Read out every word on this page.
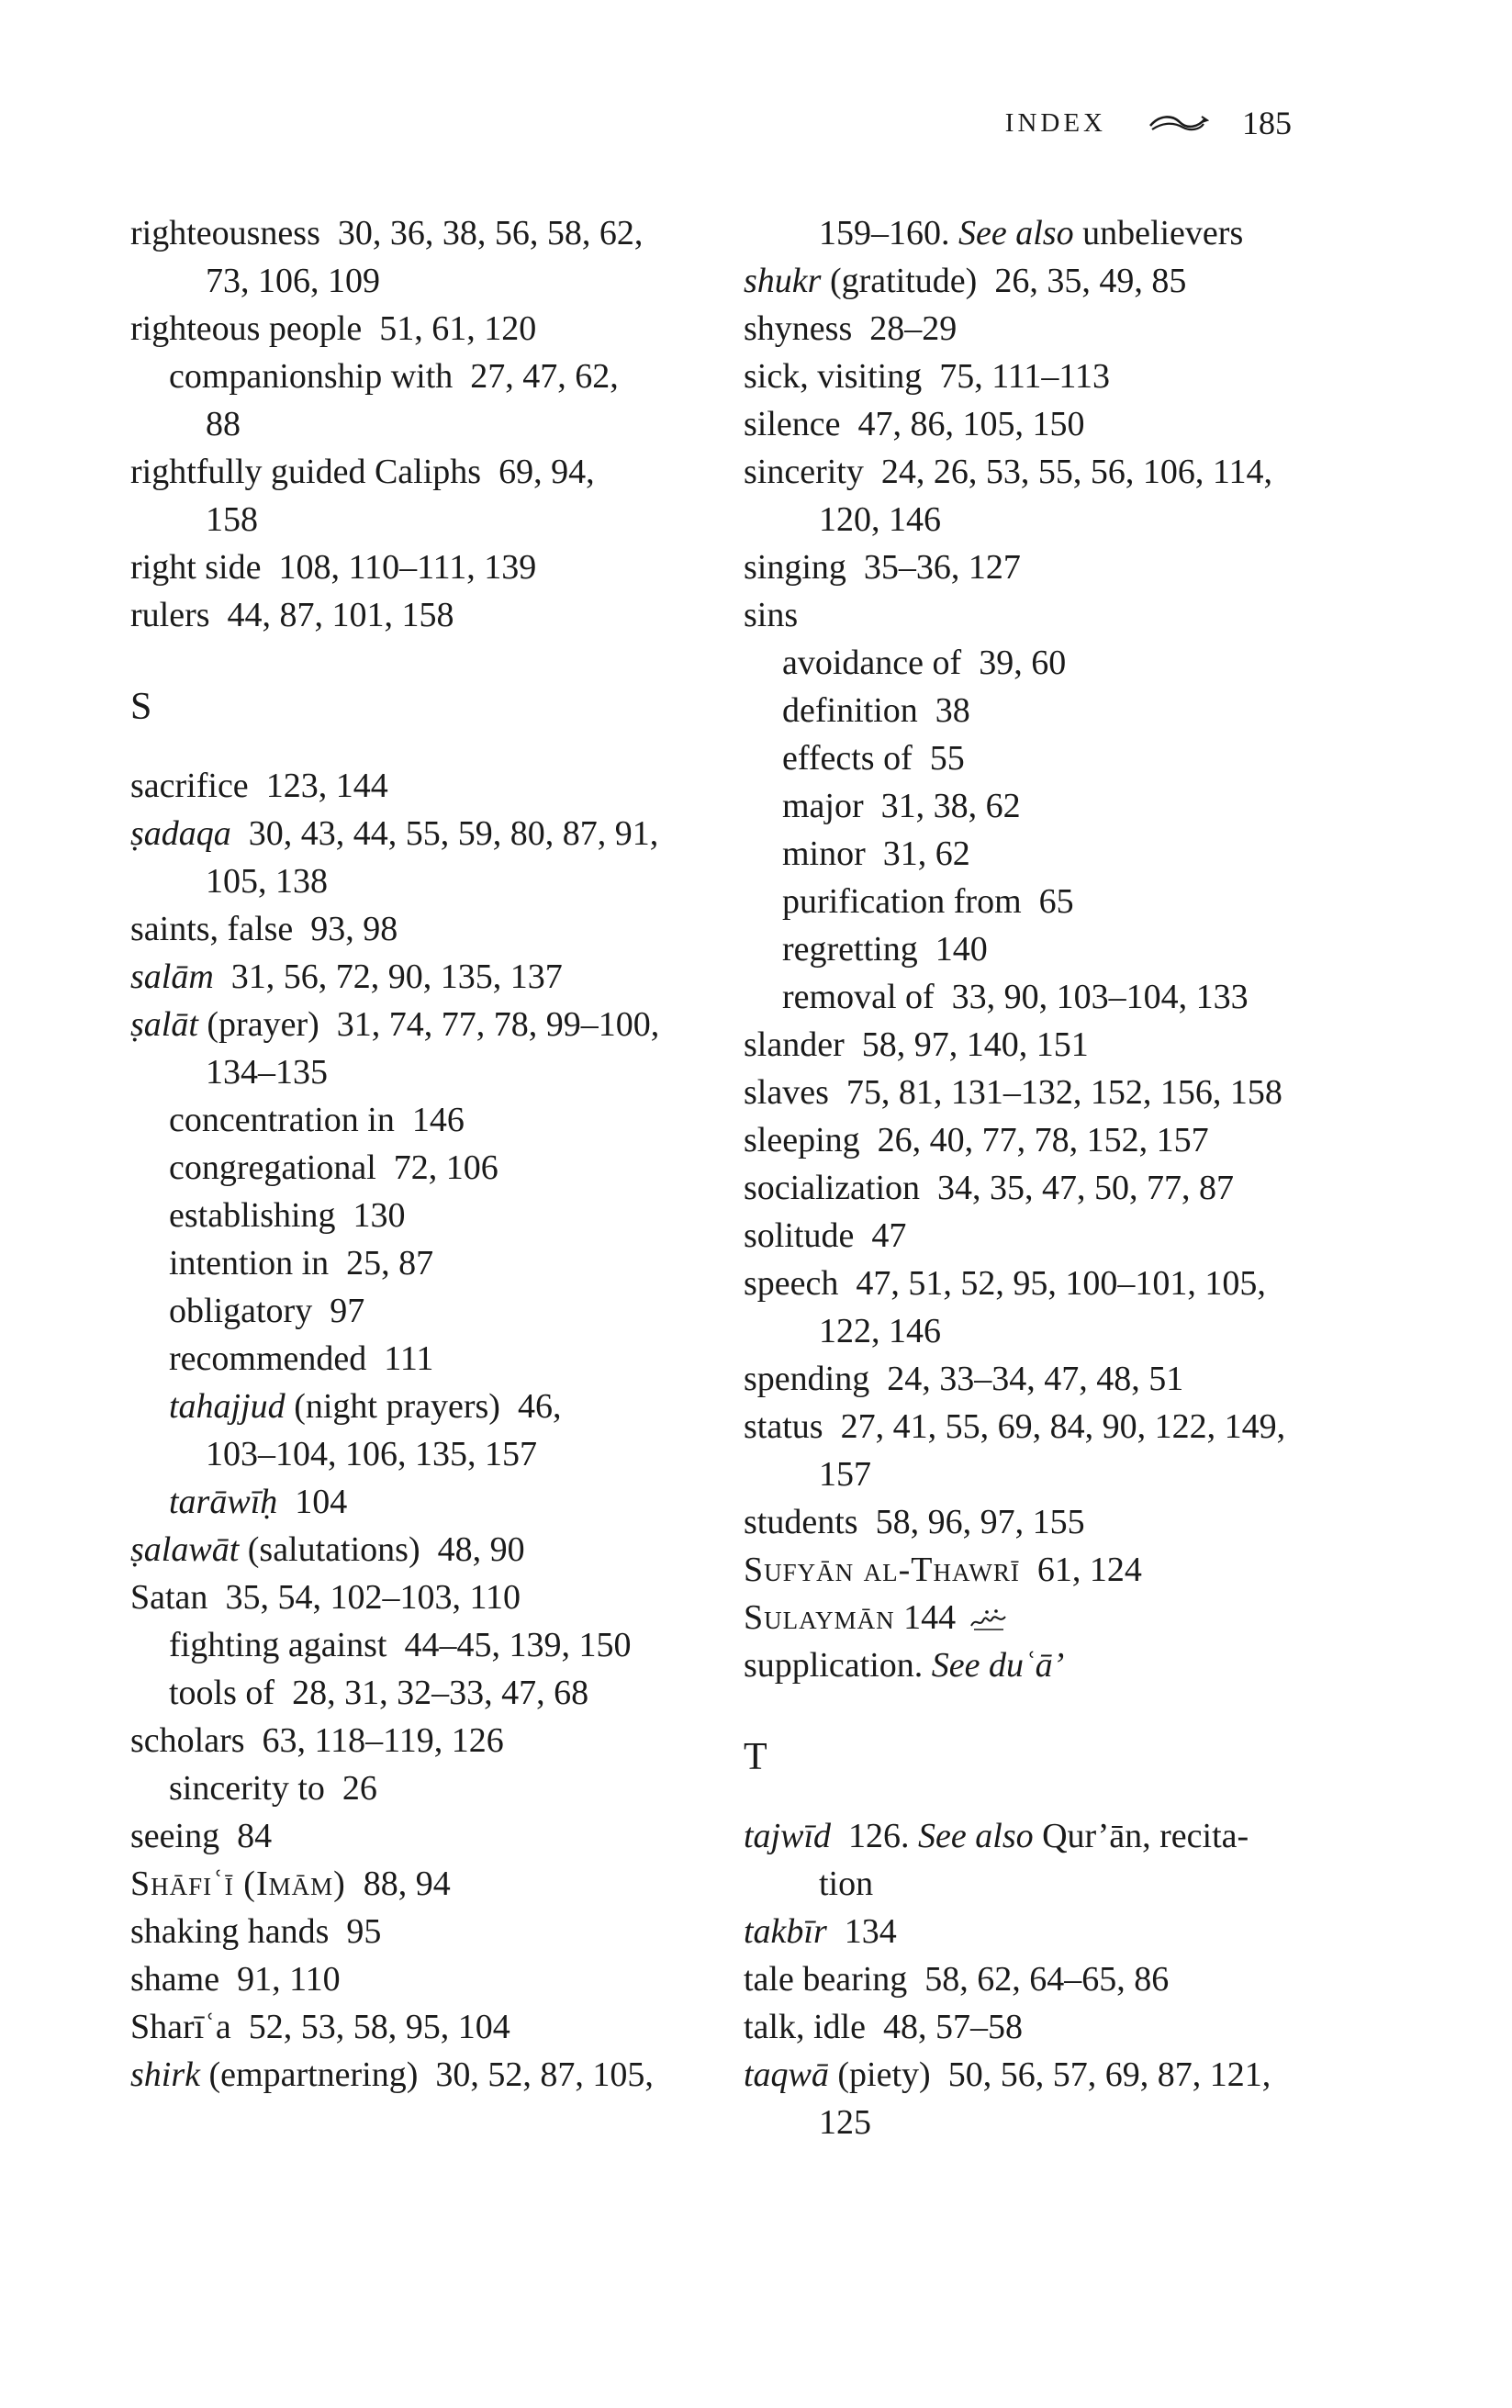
INDEX	185

righteousness 30, 36, 38, 56, 58, 62,

73, 106, 109

righteous people 51, 61, 120

companionship with 27, 47, 62,

88

rightfully guided Caliphs 69, 94,

158

right side 108, 110–111, 139

rulers 44, 87, 101, 158

S

sacrifice 123, 144

ṣadaqa 30, 43, 44, 55, 59, 80, 87, 91,

105, 138

saints, false 93, 98

salām 31, 56, 72, 90, 135, 137

ṣalāt (prayer) 31, 74, 77, 78, 99–100,

134–135

concentration in 146

congregational 72, 106

establishing 130

intention in 25, 87

obligatory 97

recommended 111

tahajjud (night prayers) 46,

103–104, 106, 135, 157

tarāwīḥ 104

ṣalawāt (salutations) 48, 90

Satan 35, 54, 102–103, 110

fighting against 44–45, 139, 150

tools of 28, 31, 32–33, 47, 68

scholars 63, 118–119, 126

sincerity to 26

seeing 84

Shāfiʿī (Imām) 88, 94

shaking hands 95

shame 91, 110

Sharīʿa 52, 53, 58, 95, 104

shirk (empartnering) 30, 52, 87, 105,

159–160. See also unbelievers

shukr (gratitude) 26, 35, 49, 85

shyness 28–29

sick, visiting 75, 111–113

silence 47, 86, 105, 150

sincerity 24, 26, 53, 55, 56, 106, 114,

120, 146

singing 35–36, 127

sins

avoidance of 39, 60

definition 38

effects of 55

major 31, 38, 62

minor 31, 62

purification from 65

regretting 140

removal of 33, 90, 103–104, 133

slander 58, 97, 140, 151

slaves 75, 81, 131–132, 152, 156, 158

sleeping 26, 40, 77, 78, 152, 157

socialization 34, 35, 47, 50, 77, 87

solitude 47

speech 47, 51, 52, 95, 100–101, 105,

122, 146

spending 24, 33–34, 47, 48, 51

status 27, 41, 55, 69, 84, 90, 122, 149,

157

students 58, 96, 97, 155

Sufyān al-Thawrī 61, 124

Sulaymān 144

supplication. See duʿā’

T

tajwīd 126. See also Qur’ān, recita-

tion

takbīr 134

tale bearing 58, 62, 64–65, 86

talk, idle 48, 57–58

taqwā (piety) 50, 56, 57, 69, 87, 121, 125
